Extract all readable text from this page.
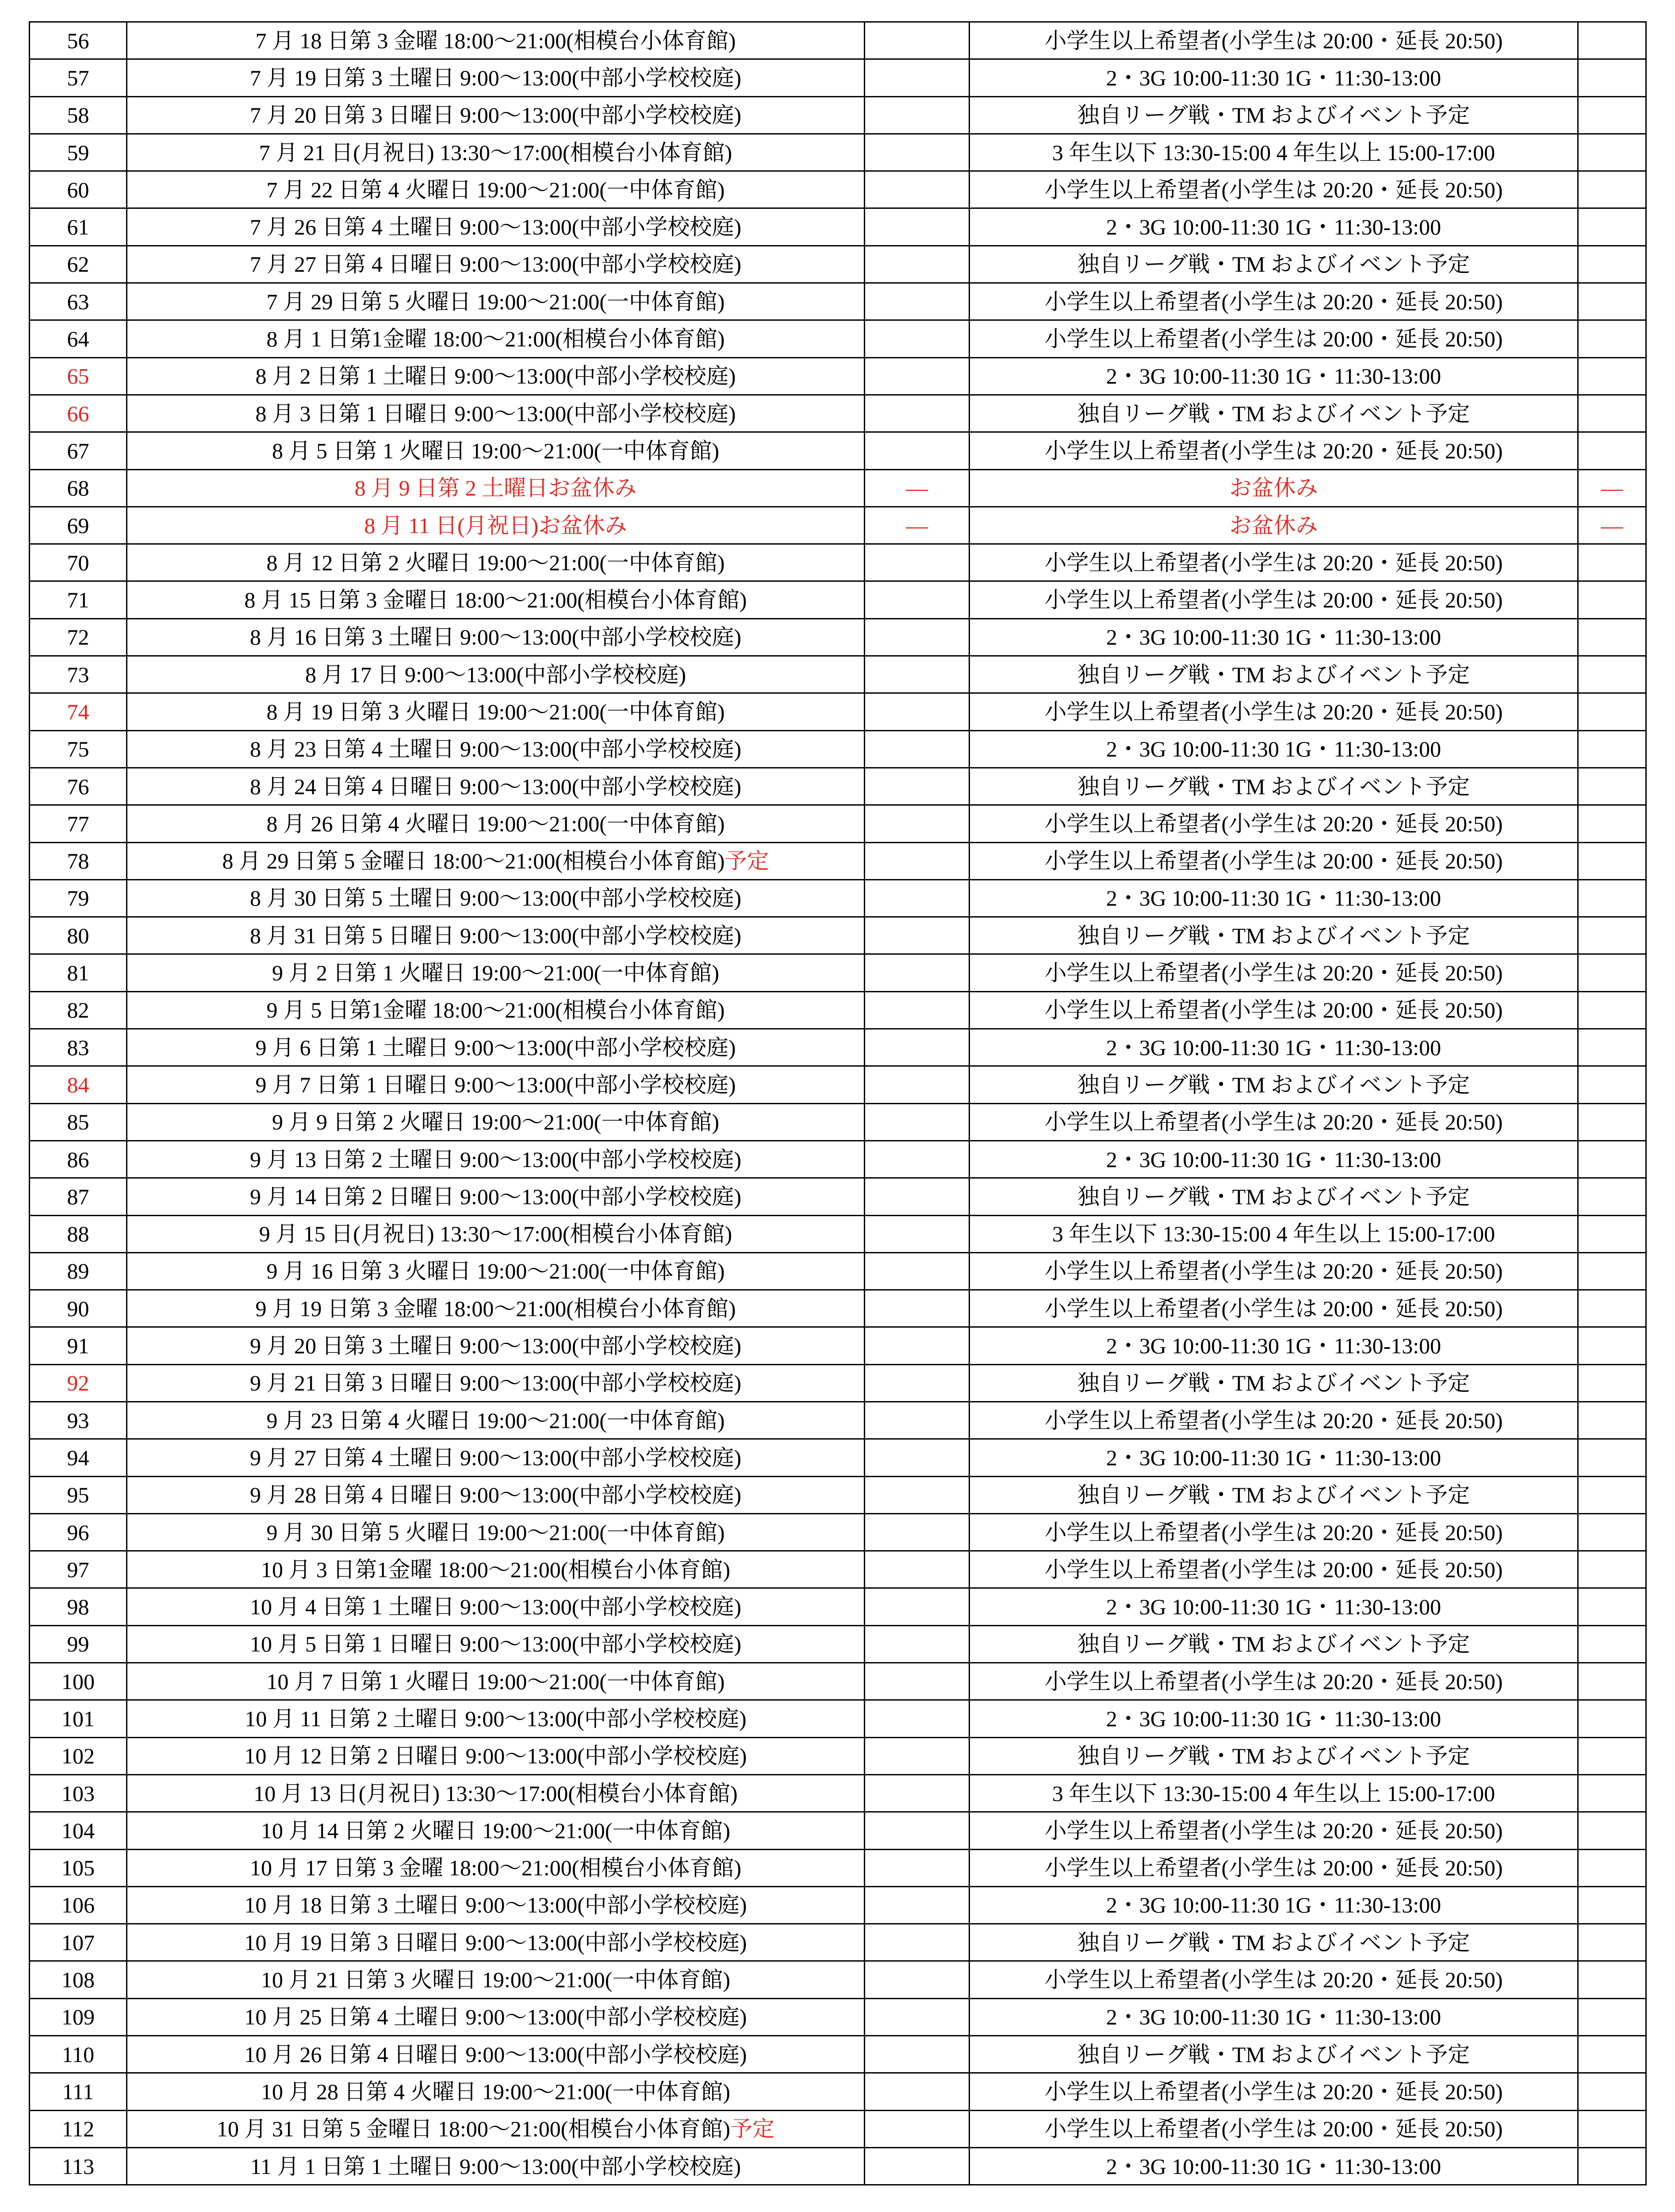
56	7 月 18 日第 3 金曜 18:00～21:00(相模台小体育館)		小学生以上希望者(小学生は 20:00・延長 20:50)	
57	7 月 19 日第 3 土曜日 9:00～13:00(中部小学校校庭)		2・3G 10:00-11:30 1G・11:30-13:00	
58	7 月 20 日第 3 日曜日 9:00～13:00(中部小学校校庭)		独自リーグ戦・TM およびイベント予定	
59	7 月 21 日(月祝日) 13:30～17:00(相模台小体育館)		3 年生以下 13:30-15:00 4 年生以上 15:00-17:00	
60	7 月 22 日第 4 火曜日 19:00～21:00(一中体育館)		小学生以上希望者(小学生は 20:20・延長 20:50)	
61	7 月 26 日第 4 土曜日 9:00～13:00(中部小学校校庭)		2・3G 10:00-11:30 1G・11:30-13:00	
62	7 月 27 日第 4 日曜日 9:00～13:00(中部小学校校庭)		独自リーグ戦・TM およびイベント予定	
63	7 月 29 日第 5 火曜日 19:00～21:00(一中体育館)		小学生以上希望者(小学生は 20:20・延長 20:50)	
64	8 月 1 日第1金曜 18:00～21:00(相模台小体育館)		小学生以上希望者(小学生は 20:00・延長 20:50)	
65	8 月 2 日第 1 土曜日 9:00～13:00(中部小学校校庭)		2・3G 10:00-11:30 1G・11:30-13:00	
66	8 月 3 日第 1 日曜日 9:00～13:00(中部小学校校庭)		独自リーグ戦・TM およびイベント予定	
67	8 月 5 日第 1 火曜日 19:00～21:00(一中体育館)		小学生以上希望者(小学生は 20:20・延長 20:50)	
68	8 月 9 日第 2 土曜日お盆休み	—	お盆休み	—
69	8 月 11 日(月祝日)お盆休み	—	お盆休み	—
70	8 月 12 日第 2 火曜日 19:00～21:00(一中体育館)		小学生以上希望者(小学生は 20:20・延長 20:50)	
71	8 月 15 日第 3 金曜日 18:00～21:00(相模台小体育館)		小学生以上希望者(小学生は 20:00・延長 20:50)	
72	8 月 16 日第 3 土曜日 9:00～13:00(中部小学校校庭)		2・3G 10:00-11:30 1G・11:30-13:00	
73	8 月 17 日 9:00～13:00(中部小学校校庭)		独自リーグ戦・TM およびイベント予定	
74	8 月 19 日第 3 火曜日 19:00～21:00(一中体育館)		小学生以上希望者(小学生は 20:20・延長 20:50)	
75	8 月 23 日第 4 土曜日 9:00～13:00(中部小学校校庭)		2・3G 10:00-11:30 1G・11:30-13:00	
76	8 月 24 日第 4 日曜日 9:00～13:00(中部小学校校庭)		独自リーグ戦・TM およびイベント予定	
77	8 月 26 日第 4 火曜日 19:00～21:00(一中体育館)		小学生以上希望者(小学生は 20:20・延長 20:50)	
78	8 月 29 日第 5 金曜日 18:00～21:00(相模台小体育館)予定		小学生以上希望者(小学生は 20:00・延長 20:50)	
79	8 月 30 日第 5 土曜日 9:00～13:00(中部小学校校庭)		2・3G 10:00-11:30 1G・11:30-13:00	
80	8 月 31 日第 5 日曜日 9:00～13:00(中部小学校校庭)		独自リーグ戦・TM およびイベント予定	
81	9 月 2 日第 1 火曜日 19:00～21:00(一中体育館)		小学生以上希望者(小学生は 20:20・延長 20:50)	
82	9 月 5 日第1金曜 18:00～21:00(相模台小体育館)		小学生以上希望者(小学生は 20:00・延長 20:50)	
83	9 月 6 日第 1 土曜日 9:00～13:00(中部小学校校庭)		2・3G 10:00-11:30 1G・11:30-13:00	
84	9 月 7 日第 1 日曜日 9:00～13:00(中部小学校校庭)		独自リーグ戦・TM およびイベント予定	
85	9 月 9 日第 2 火曜日 19:00～21:00(一中体育館)		小学生以上希望者(小学生は 20:20・延長 20:50)	
86	9 月 13 日第 2 土曜日 9:00～13:00(中部小学校校庭)		2・3G 10:00-11:30 1G・11:30-13:00	
87	9 月 14 日第 2 日曜日 9:00～13:00(中部小学校校庭)		独自リーグ戦・TM およびイベント予定	
88	9 月 15 日(月祝日) 13:30～17:00(相模台小体育館)		3 年生以下 13:30-15:00 4 年生以上 15:00-17:00	
89	9 月 16 日第 3 火曜日 19:00～21:00(一中体育館)		小学生以上希望者(小学生は 20:20・延長 20:50)	
90	9 月 19 日第 3 金曜 18:00～21:00(相模台小体育館)		小学生以上希望者(小学生は 20:00・延長 20:50)	
91	9 月 20 日第 3 土曜日 9:00～13:00(中部小学校校庭)		2・3G 10:00-11:30 1G・11:30-13:00	
92	9 月 21 日第 3 日曜日 9:00～13:00(中部小学校校庭)		独自リーグ戦・TM およびイベント予定	
93	9 月 23 日第 4 火曜日 19:00～21:00(一中体育館)		小学生以上希望者(小学生は 20:20・延長 20:50)	
94	9 月 27 日第 4 土曜日 9:00～13:00(中部小学校校庭)		2・3G 10:00-11:30 1G・11:30-13:00	
95	9 月 28 日第 4 日曜日 9:00～13:00(中部小学校校庭)		独自リーグ戦・TM およびイベント予定	
96	9 月 30 日第 5 火曜日 19:00～21:00(一中体育館)		小学生以上希望者(小学生は 20:20・延長 20:50)	
97	10 月 3 日第1金曜 18:00～21:00(相模台小体育館)		小学生以上希望者(小学生は 20:00・延長 20:50)	
98	10 月 4 日第 1 土曜日 9:00～13:00(中部小学校校庭)		2・3G 10:00-11:30 1G・11:30-13:00	
99	10 月 5 日第 1 日曜日 9:00～13:00(中部小学校校庭)		独自リーグ戦・TM およびイベント予定	
100	10 月 7 日第 1 火曜日 19:00～21:00(一中体育館)		小学生以上希望者(小学生は 20:20・延長 20:50)	
101	10 月 11 日第 2 土曜日 9:00～13:00(中部小学校校庭)		2・3G 10:00-11:30 1G・11:30-13:00	
102	10 月 12 日第 2 日曜日 9:00～13:00(中部小学校校庭)		独自リーグ戦・TM およびイベント予定	
103	10 月 13 日(月祝日) 13:30～17:00(相模台小体育館)		3 年生以下 13:30-15:00 4 年生以上 15:00-17:00	
104	10 月 14 日第 2 火曜日 19:00～21:00(一中体育館)		小学生以上希望者(小学生は 20:20・延長 20:50)	
105	10 月 17 日第 3 金曜 18:00～21:00(相模台小体育館)		小学生以上希望者(小学生は 20:00・延長 20:50)	
106	10 月 18 日第 3 土曜日 9:00～13:00(中部小学校校庭)		2・3G 10:00-11:30 1G・11:30-13:00	
107	10 月 19 日第 3 日曜日 9:00～13:00(中部小学校校庭)		独自リーグ戦・TM およびイベント予定	
108	10 月 21 日第 3 火曜日 19:00～21:00(一中体育館)		小学生以上希望者(小学生は 20:20・延長 20:50)	
109	10 月 25 日第 4 土曜日 9:00～13:00(中部小学校校庭)		2・3G 10:00-11:30 1G・11:30-13:00	
110	10 月 26 日第 4 日曜日 9:00～13:00(中部小学校校庭)		独自リーグ戦・TM およびイベント予定	
111	10 月 28 日第 4 火曜日 19:00～21:00(一中体育館)		小学生以上希望者(小学生は 20:20・延長 20:50)	
112	10 月 31 日第 5 金曜日 18:00～21:00(相模台小体育館)予定		小学生以上希望者(小学生は 20:00・延長 20:50)	
113	11 月 1 日第 1 土曜日 9:00～13:00(中部小学校校庭)		2・3G 10:00-11:30 1G・11:30-13:00	
